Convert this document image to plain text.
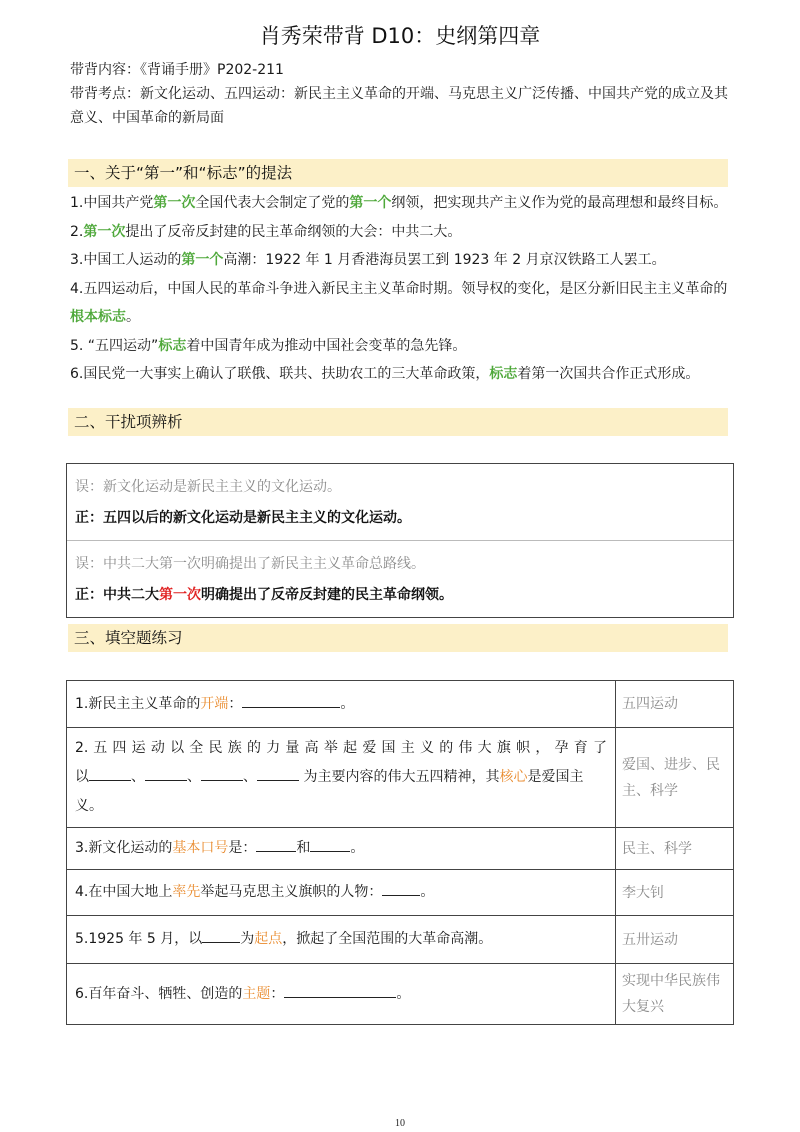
肖秀荣带背 D10：史纲第四章

带背内容：《背诵手册》P202-211

带背考点：新文化运动、五四运动：新民主主义革命的开端、马克思主义广泛传播、中国共产党的成立及其意义、中国革命的新局面

一、关于“第一”和“标志”的提法

1.中国共产党第一次全国代表大会制定了党的第一个纲领，把实现共产主义作为党的最高理想和最终目标。

2.第一次提出了反帝反封建的民主革命纲领的大会：中共二大。

3.中国工人运动的第一个高潮：1922 年 1 月香港海员罢工到 1923 年 2 月京汉铁路工人罢工。

4.五四运动后，中国人民的革命斗争进入新民主主义革命时期。领导权的变化，是区分新旧民主主义革命的根本标志。

5. “五四运动”标志着中国青年成为推动中国社会变革的急先锋。

6.国民党一大事实上确认了联俄、联共、扶助农工的三大革命政策，标志着第一次国共合作正式形成。

二、干扰项辨析
误：新文化运动是新民主主义的文化运动。
正：五四以后的新文化运动是新民主主义的文化运动。
误：中共二大第一次明确提出了新民主主义革命总路线。
正：中共二大第一次明确提出了反帝反封建的民主革命纲领。
三、填空题练习
1.新民主主义革命的开端： 。	五四运动

2. 五 四 运 动 以 全 民 族 的 力 量 高 举 起 爱 国 主 义 的 伟 大 旗 帜 ， 孕 育 了
以 、 、 、 为主要内容的伟大五四精神，其核心是爱国主义。	爱国、进步、民主、科学
3.新文化运动的基本口号是： 和 。	民主、科学
4.在中国大地上率先举起马克思主义旗帜的人物： 。	李大钊
5.1925 年 5 月，以 为起点，掀起了全国范围的大革命高潮。	五卅运动
6.百年奋斗、牺牲、创造的主题： 。	实现中华民族伟大复兴
10
